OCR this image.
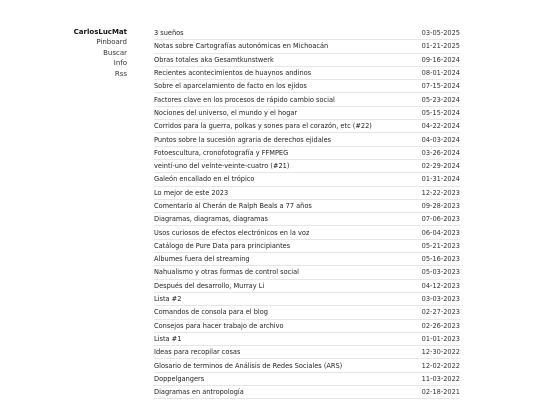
CarlosLucMat
Pinboard
Buscar
Info
Rss
3 sueños	03-05-2025
Notas sobre Cartografías autonómicas en Michoacán	01-21-2025
Obras totales aka Gesamtkunstwerk	09-16-2024
Recientes acontecimientos de huaynos andinos	08-01-2024
Sobre el aparcelamiento de facto en los ejidos	07-15-2024
Factores clave en los procesos de rápido cambio social	05-23-2024
Nociones del universo, el mundo y el hogar	05-15-2024
Corridos para la guerra, polkas y sones para el corazón, etc (#22)	04-22-2024
Puntos sobre la sucesión agraria de derechos ejidales	04-03-2024
Fotoescultura, cronofotografía y FFMPEG	03-26-2024
veinti-uno del veinte-veinte-cuatro (#21)	02-29-2024
Galeón encallado en el trópico	01-31-2024
Lo mejor de este 2023	12-22-2023
Comentario al Cherán de Ralph Beals a 77 años	09-28-2023
Diagramas, diagramas, diagramas	07-06-2023
Usos curiosos de efectos electrónicos en la voz	06-04-2023
Catálogo de Pure Data para principiantes	05-21-2023
Álbumes fuera del streaming	05-16-2023
Nahualismo y otras formas de control social	05-03-2023
Después del desarrollo, Murray Li	04-12-2023
Lista #2	03-03-2023
Comandos de consola para el blog	02-27-2023
Consejos para hacer trabajo de archivo	02-26-2023
Lista #1	01-01-2023
Ideas para recopilar cosas	12-30-2022
Glosario de terminos de Análisis de Redes Sociales (ARS)	12-02-2022
Doppelgangers	11-03-2022
Diagramas en antropología	02-18-2021
